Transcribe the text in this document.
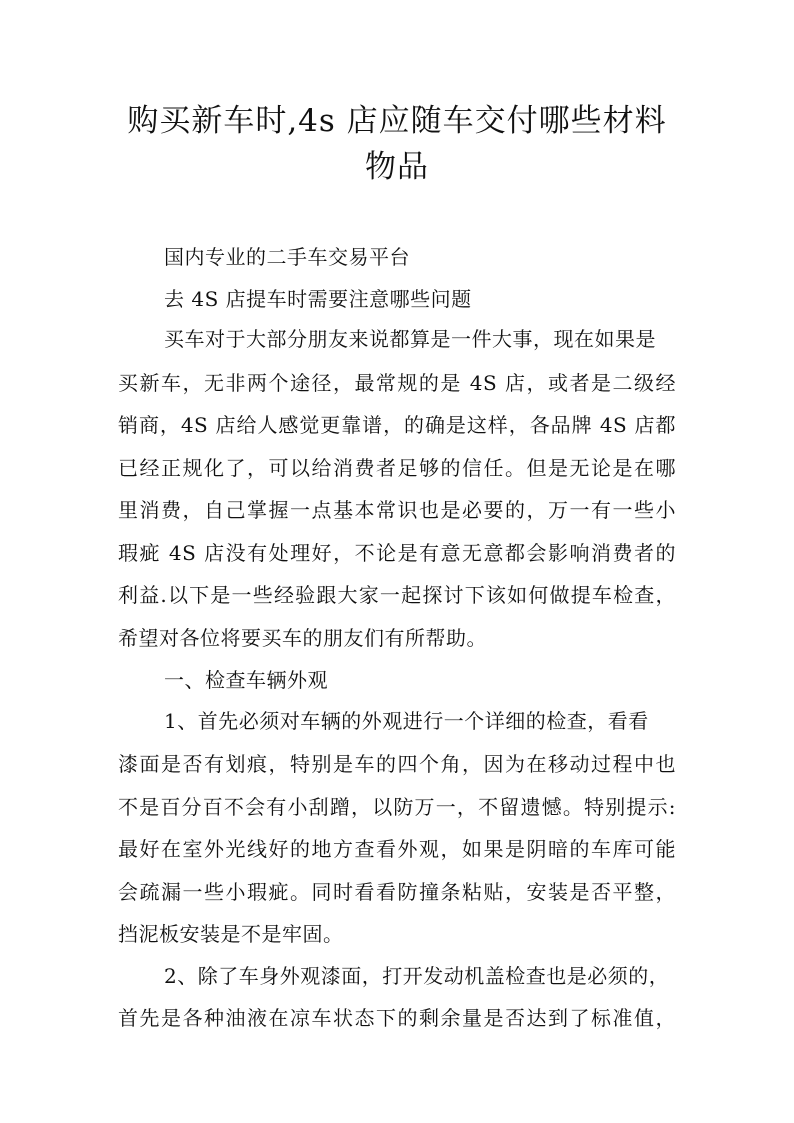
购买新车时,4s 店应随车交付哪些材料
物品
国内专业的二手车交易平台
去 4S 店提车时需要注意哪些问题
买车对于大部分朋友来说都算是一件大事，现在如果是
买新车，无非两个途径，最常规的是 4S 店，或者是二级经
销商，4S 店给人感觉更靠谱，的确是这样，各品牌 4S 店都
已经正规化了，可以给消费者足够的信任。但是无论是在哪
里消费，自己掌握一点基本常识也是必要的，万一有一些小
瑕疵 4S 店没有处理好，不论是有意无意都会影响消费者的
利益.以下是一些经验跟大家一起探讨下该如何做提车检查，
希望对各位将要买车的朋友们有所帮助。
一、检查车辆外观
1、首先必须对车辆的外观进行一个详细的检查，看看
漆面是否有划痕，特别是车的四个角，因为在移动过程中也
不是百分百不会有小刮蹭，以防万一，不留遗憾。特别提示:
最好在室外光线好的地方查看外观，如果是阴暗的车库可能
会疏漏一些小瑕疵。同时看看防撞条粘贴，安装是否平整，
挡泥板安装是不是牢固。
2、除了车身外观漆面，打开发动机盖检查也是必须的，
首先是各种油液在凉车状态下的剩余量是否达到了标准值，
